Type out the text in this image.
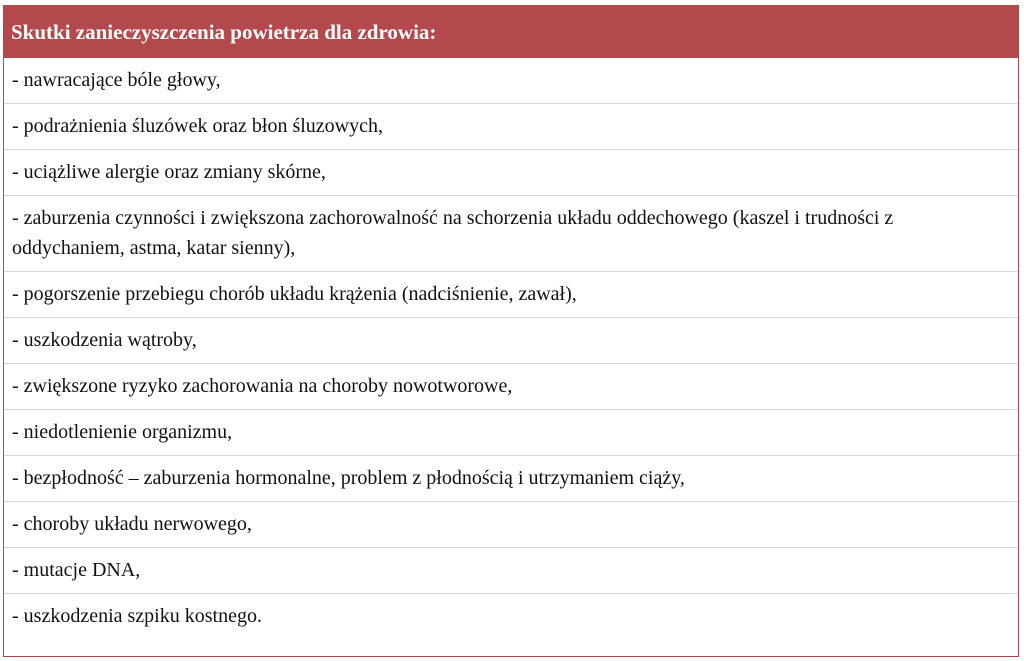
Skutki zanieczyszczenia powietrza dla zdrowia:
- nawracające bóle głowy,
- podrażnienia śluzówek oraz błon śluzowych,
- uciążliwe alergie oraz zmiany skórne,
- zaburzenia czynności i zwiększona zachorowalność na schorzenia układu oddechowego (kaszel i trudności z oddychaniem, astma, katar sienny),
- pogorszenie przebiegu chorób układu krążenia (nadciśnienie, zawał),
- uszkodzenia wątroby,
- zwiększone ryzyko zachorowania na choroby nowotworowe,
- niedotlenienie organizmu,
- bezpłodność – zaburzenia hormonalne, problem z płodnością i utrzymaniem ciąży,
- choroby układu nerwowego,
- mutacje DNA,
- uszkodzenia szpiku kostnego.
